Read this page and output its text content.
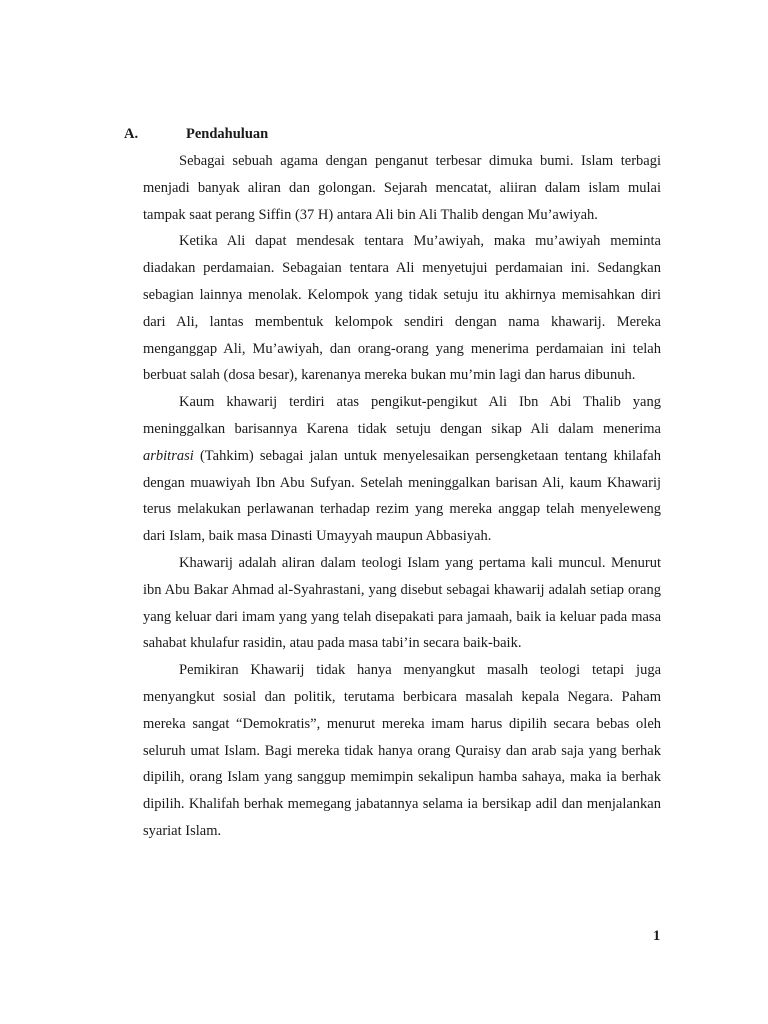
A.	Pendahuluan

Sebagai sebuah agama dengan penganut terbesar dimuka bumi. Islam terbagi menjadi banyak aliran dan golongan. Sejarah mencatat, aliiran dalam islam mulai tampak saat perang Siffin (37 H) antara Ali bin Ali Thalib dengan Mu’awiyah.

Ketika Ali dapat mendesak tentara Mu’awiyah, maka mu’awiyah meminta diadakan perdamaian. Sebagaian tentara Ali menyetujui perdamaian ini. Sedangkan sebagian lainnya menolak. Kelompok yang tidak setuju itu akhirnya memisahkan diri dari Ali, lantas membentuk kelompok sendiri dengan nama khawarij. Mereka menganggap Ali, Mu’awiyah, dan orang-orang yang menerima perdamaian ini telah berbuat salah (dosa besar), karenanya mereka bukan mu’min lagi dan harus dibunuh.

Kaum khawarij terdiri atas pengikut-pengikut Ali Ibn Abi Thalib yang meninggalkan barisannya Karena tidak setuju dengan sikap Ali dalam menerima arbitrasi (Tahkim) sebagai jalan untuk menyelesaikan persengketaan tentang khilafah dengan muawiyah Ibn Abu Sufyan. Setelah meninggalkan barisan Ali, kaum Khawarij terus melakukan perlawanan terhadap rezim yang mereka anggap telah menyeleweng dari Islam, baik masa Dinasti Umayyah maupun Abbasiyah.

Khawarij adalah aliran dalam teologi Islam yang pertama kali muncul. Menurut ibn Abu Bakar Ahmad al-Syahrastani, yang disebut sebagai khawarij adalah setiap orang yang keluar dari imam yang yang telah disepakati para jamaah, baik ia keluar pada masa sahabat khulafur rasidin, atau pada masa tabi’in secara baik-baik.

Pemikiran Khawarij tidak hanya menyangkut masalh teologi tetapi juga menyangkut sosial dan politik, terutama berbicara masalah kepala Negara. Paham mereka sangat “Demokratis”, menurut mereka imam harus dipilih secara bebas oleh seluruh umat Islam. Bagi mereka tidak hanya orang Quraisy dan arab saja yang berhak dipilih, orang Islam yang sanggup memimpin sekalipun hamba sahaya, maka ia berhak dipilih. Khalifah berhak memegang jabatannya selama ia bersikap adil dan menjalankan syariat Islam.

1
